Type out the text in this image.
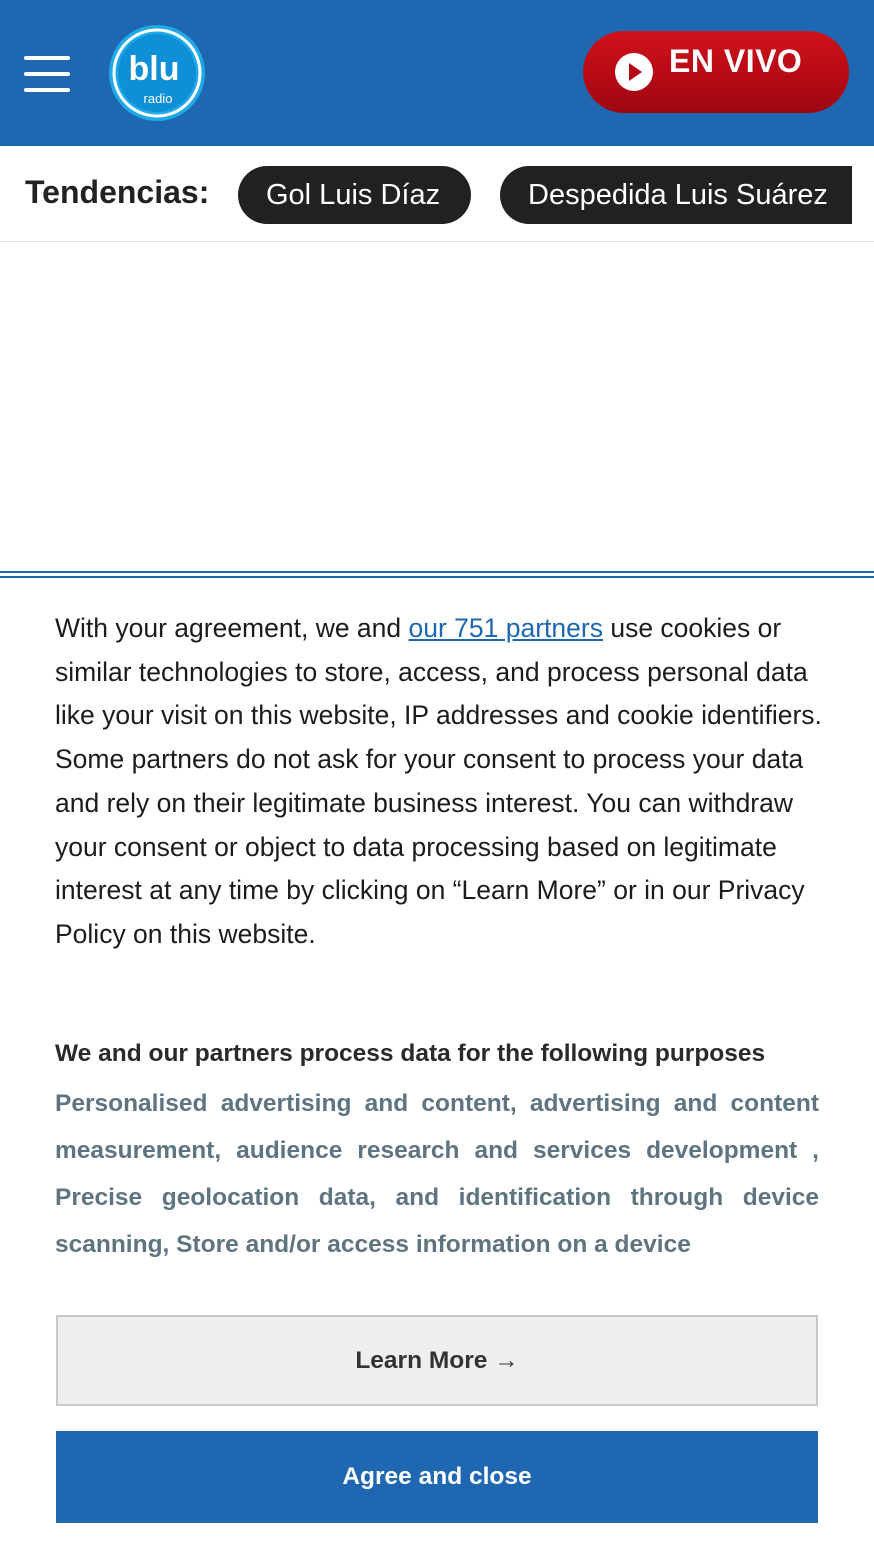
blu
radio
EN VIVO
Tendencias:	Gol Luis Díaz	Despedida Luis Suárez
With your agreement, we and our 751 partners use cookies or similar technologies to store, access, and process personal data like your visit on this website, IP addresses and cookie identifiers. Some partners do not ask for your consent to process your data and rely on their legitimate business interest. You can withdraw your consent or object to data processing based on legitimate interest at any time by clicking on “Learn More” or in our Privacy Policy on this website.
We and our partners process data for the following purposes
Personalised advertising and content, advertising and content measurement, audience research and services development , Precise geolocation data, and identification through device scanning, Store and/or access information on a device
Learn More →
Agree and close
